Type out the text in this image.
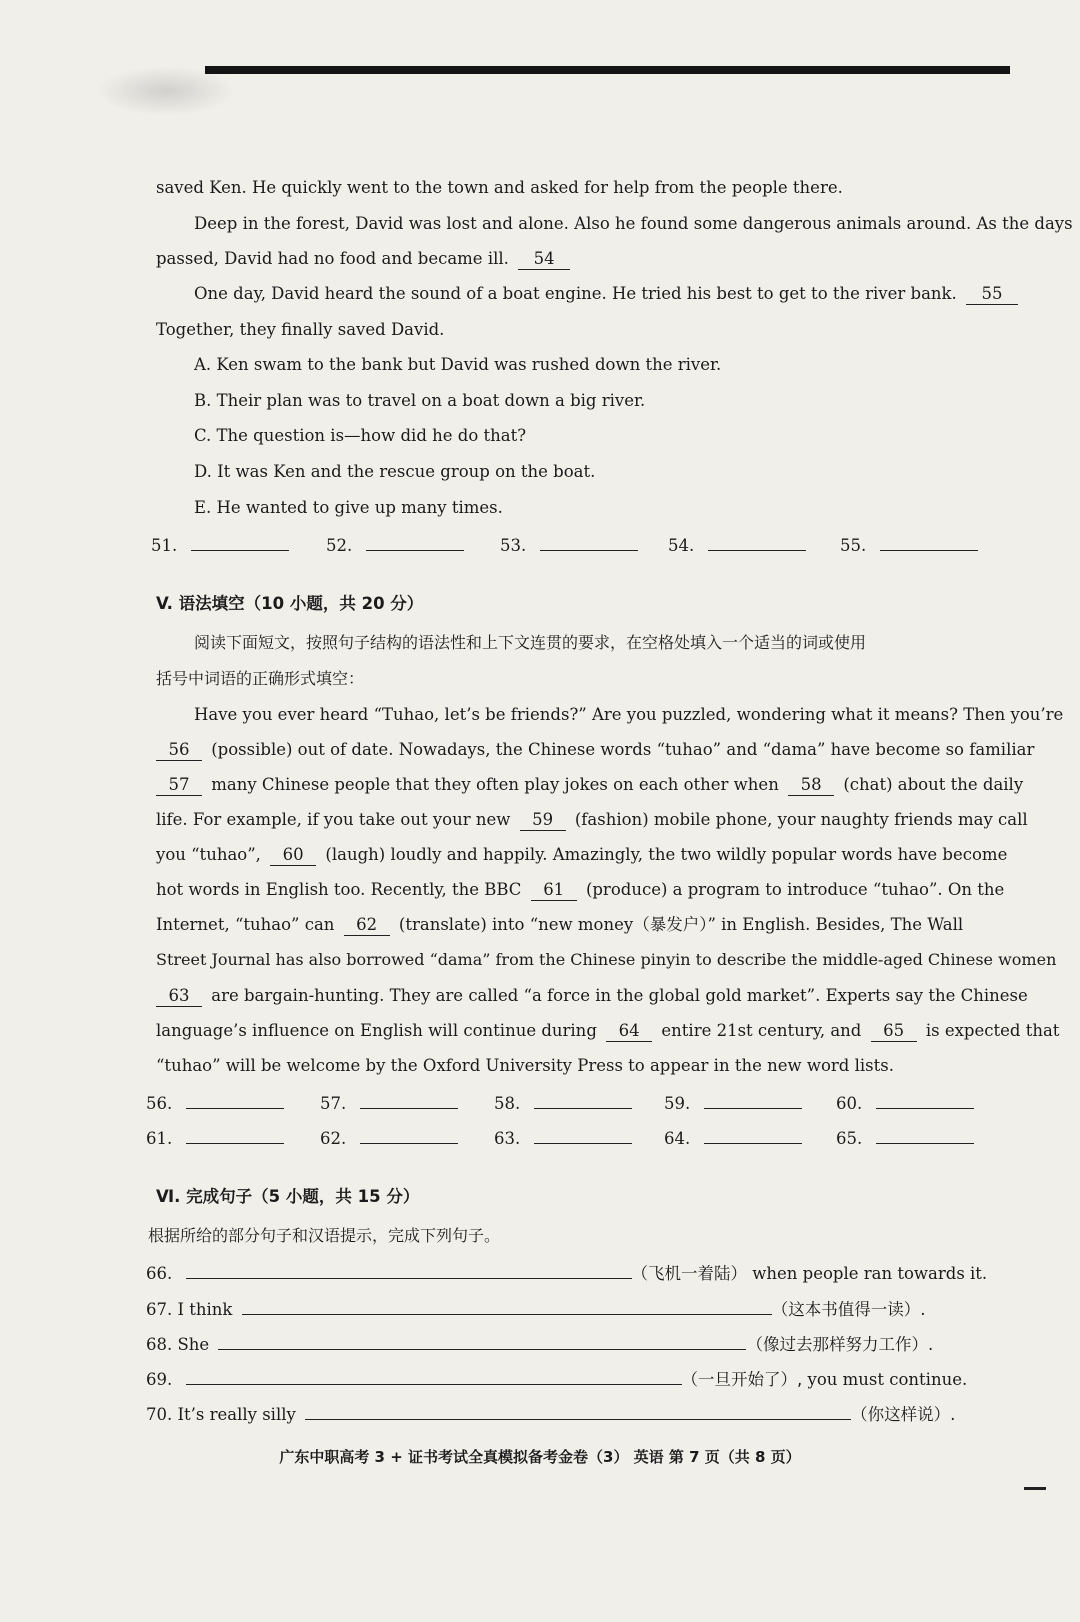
saved Ken. He quickly went to the town and asked for help from the people there.
Deep in the forest, David was lost and alone. Also he found some dangerous animals around. As the days
passed, David had no food and became ill. 54
One day, David heard the sound of a boat engine. He tried his best to get to the river bank. 55
Together, they finally saved David.
A. Ken swam to the bank but David was rushed down the river.
B. Their plan was to travel on a boat down a big river.
C. The question is—how did he do that?
D. It was Ken and the rescue group on the boat.
E. He wanted to give up many times.
51.	52.	53.	54.	55.
V. 语法填空（10 小题，共 20 分）
阅读下面短文，按照句子结构的语法性和上下文连贯的要求，在空格处填入一个适当的词或使用
括号中词语的正确形式填空：
Have you ever heard “Tuhao, let’s be friends?” Are you puzzled, wondering what it means? Then you’re
56 (possible) out of date. Nowadays, the Chinese words “tuhao” and “dama” have become so familiar
57 many Chinese people that they often play jokes on each other when 58 (chat) about the daily
life. For example, if you take out your new 59 (fashion) mobile phone, your naughty friends may call
you “tuhao”, 60 (laugh) loudly and happily. Amazingly, the two wildly popular words have become
hot words in English too. Recently, the BBC 61 (produce) a program to introduce “tuhao”. On the
Internet, “tuhao” can 62 (translate) into “new money（暴发户）” in English. Besides, The Wall
Street Journal has also borrowed “dama” from the Chinese pinyin to describe the middle-aged Chinese women
63 are bargain-hunting. They are called “a force in the global gold market”. Experts say the Chinese
language’s influence on English will continue during 64 entire 21st century, and 65 is expected that
“tuhao” will be welcome by the Oxford University Press to appear in the new word lists.
56.	57.	58.	59.	60.
61.	62.	63.	64.	65.
Ⅵ. 完成句子（5 小题，共 15 分）
根据所给的部分句子和汉语提示，完成下列句子。
66.	（飞机一着陆） when people ran towards it.
67. I think	（这本书值得一读）.
68. She	（像过去那样努力工作）.
69.	（一旦开始了）, you must continue.
70. It’s really silly	（你这样说）.
广东中职高考 3 + 证书考试全真模拟备考金卷（3） 英语 第 7 页（共 8 页）
